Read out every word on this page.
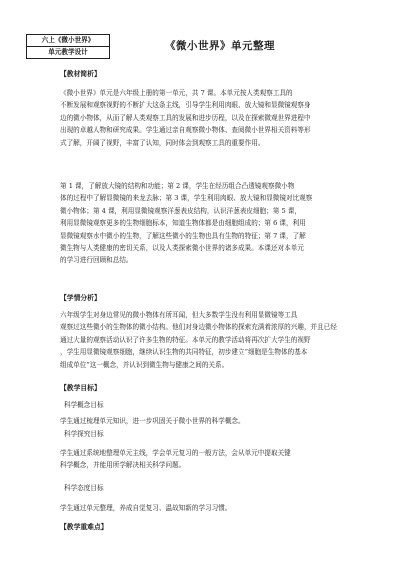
六上《微小世界》
单元教学设计	《微小世界》单元整理
【教材简析】
《微小世界》单元是六年级上册的第一单元，共 7 课。本单元按人类观察工具的
不断发展和观察视野的不断扩大这条主线，引导学生利用肉眼、放大镜和显微镜观察身
边的微小物体，从而了解人类观察工具的发展和进步历程，以及在探索微观世界进程中
出现的卓越人物和研究成果。学生通过亲自观察微小物体、查阅微小世界相关资料等形
式了解，开阔了视野，丰富了认知，同时体会到观察工具的重要作用。
第 1 课，了解放大镜的结构和功能；第 2 课，学生在经历组合凸透镜观察微小物
体的过程中了解显微镜的来龙去脉；第 3 课，学生利用肉眼、放大镜和显微镜对比观察
微小物体；第 4 课，利用显微镜观察洋葱表皮结构，认识洋葱表皮细胞；第 5 课，
利用显微镜观察更多的生物细胞标本，知道生物体都是由细胞组成的；第 6 课，利用
显微镜观察水中微小的生物，了解这些微小的生物也具有生物的特征；第 7 课，了解
微生物与人类健康的密切关系，以及人类探索微小世界的诸多成果。本课还对本单元
的学习进行回顾和总结。
【学情分析】
六年级学生对身边常见的微小物体有所耳闻，但大多数学生没有利用显微镜等工具
观察过这些微小的生物体的微小结构。他们对身边微小物体的探索充满着浓厚的兴趣，并且已经
通过大量的观察活动认识了许多生物的特征。本单元的教学活动将再次扩大学生的视野
，学生用显微镜观察细胞，继续认识生物的共同特征，初步建立“细胞是生物体的基本
组成单位”这一概念，并认识到微生物与健康之间的关系。
【教学目标】
科学概念目标
学生通过梳理单元知识，进一步巩固关于微小世界的科学概念。
科学探究目标
学生通过系统地整理单元主线，学会单元复习的一般方法，会从单元中提取关键
科学概念，并能用所学解决相关科学问题。
科学态度目标
学生通过单元整理，养成自觉复习、温故知新的学习习惯。
【教学重难点】
